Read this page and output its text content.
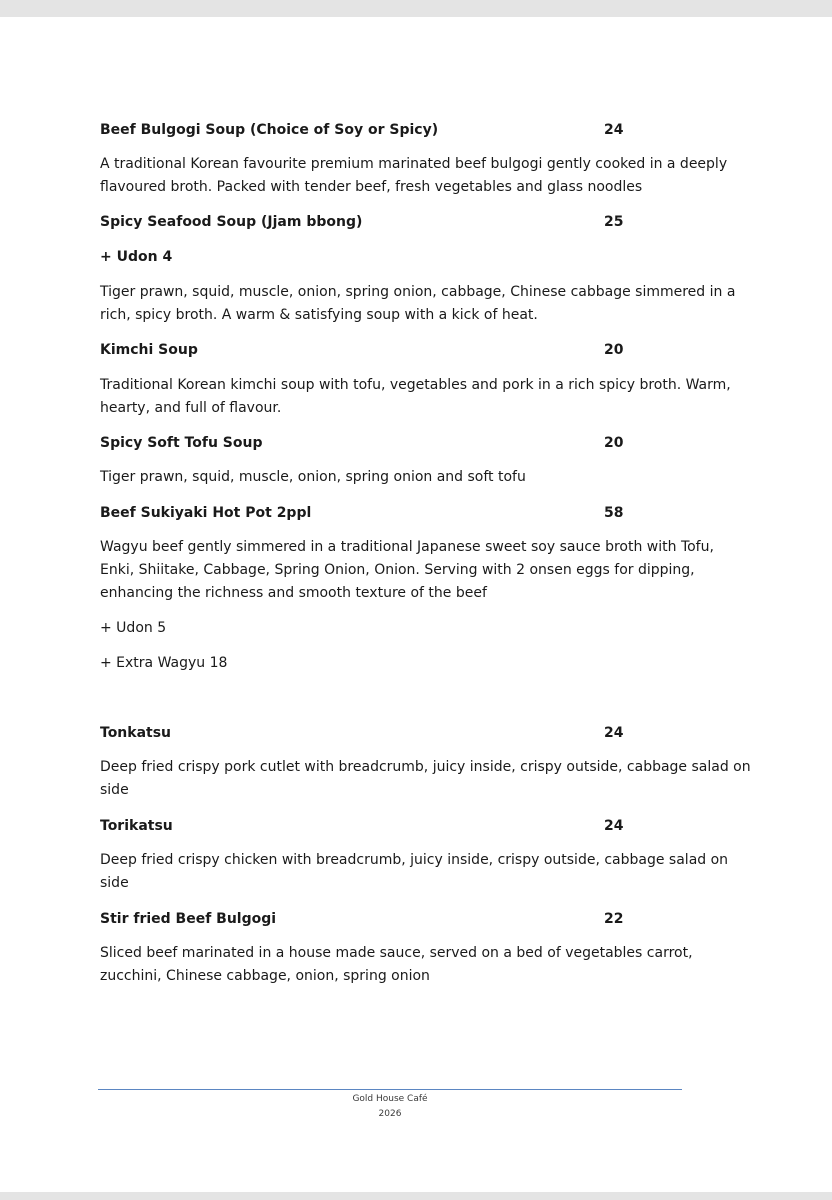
Beef Bulgogi Soup (Choice of Soy or Spicy)	24
A traditional Korean favourite premium marinated beef bulgogi gently cooked in a deeply
flavoured broth. Packed with tender beef, fresh vegetables and glass noodles
Spicy Seafood Soup (Jjam bbong)	25
+ Udon 4
Tiger prawn, squid, muscle, onion, spring onion, cabbage, Chinese cabbage simmered in a
rich, spicy broth. A warm & satisfying soup with a kick of heat.
Kimchi Soup	20
Traditional Korean kimchi soup with tofu, vegetables and pork in a rich spicy broth. Warm,
hearty, and full of flavour.
Spicy Soft Tofu Soup	20
Tiger prawn, squid, muscle, onion, spring onion and soft tofu
Beef Sukiyaki Hot Pot 2ppl	58
Wagyu beef gently simmered in a traditional Japanese sweet soy sauce broth with Tofu,
Enki, Shiitake, Cabbage, Spring Onion, Onion. Serving with 2 onsen eggs for dipping,
enhancing the richness and smooth texture of the beef
+ Udon 5
+ Extra Wagyu 18
Tonkatsu	24
Deep fried crispy pork cutlet with breadcrumb, juicy inside, crispy outside, cabbage salad on
side
Torikatsu	24
Deep fried crispy chicken with breadcrumb, juicy inside, crispy outside, cabbage salad on
side
Stir fried Beef Bulgogi	22
Sliced beef marinated in a house made sauce, served on a bed of vegetables carrot,
zucchini, Chinese cabbage, onion, spring onion
Gold House Café
2026
